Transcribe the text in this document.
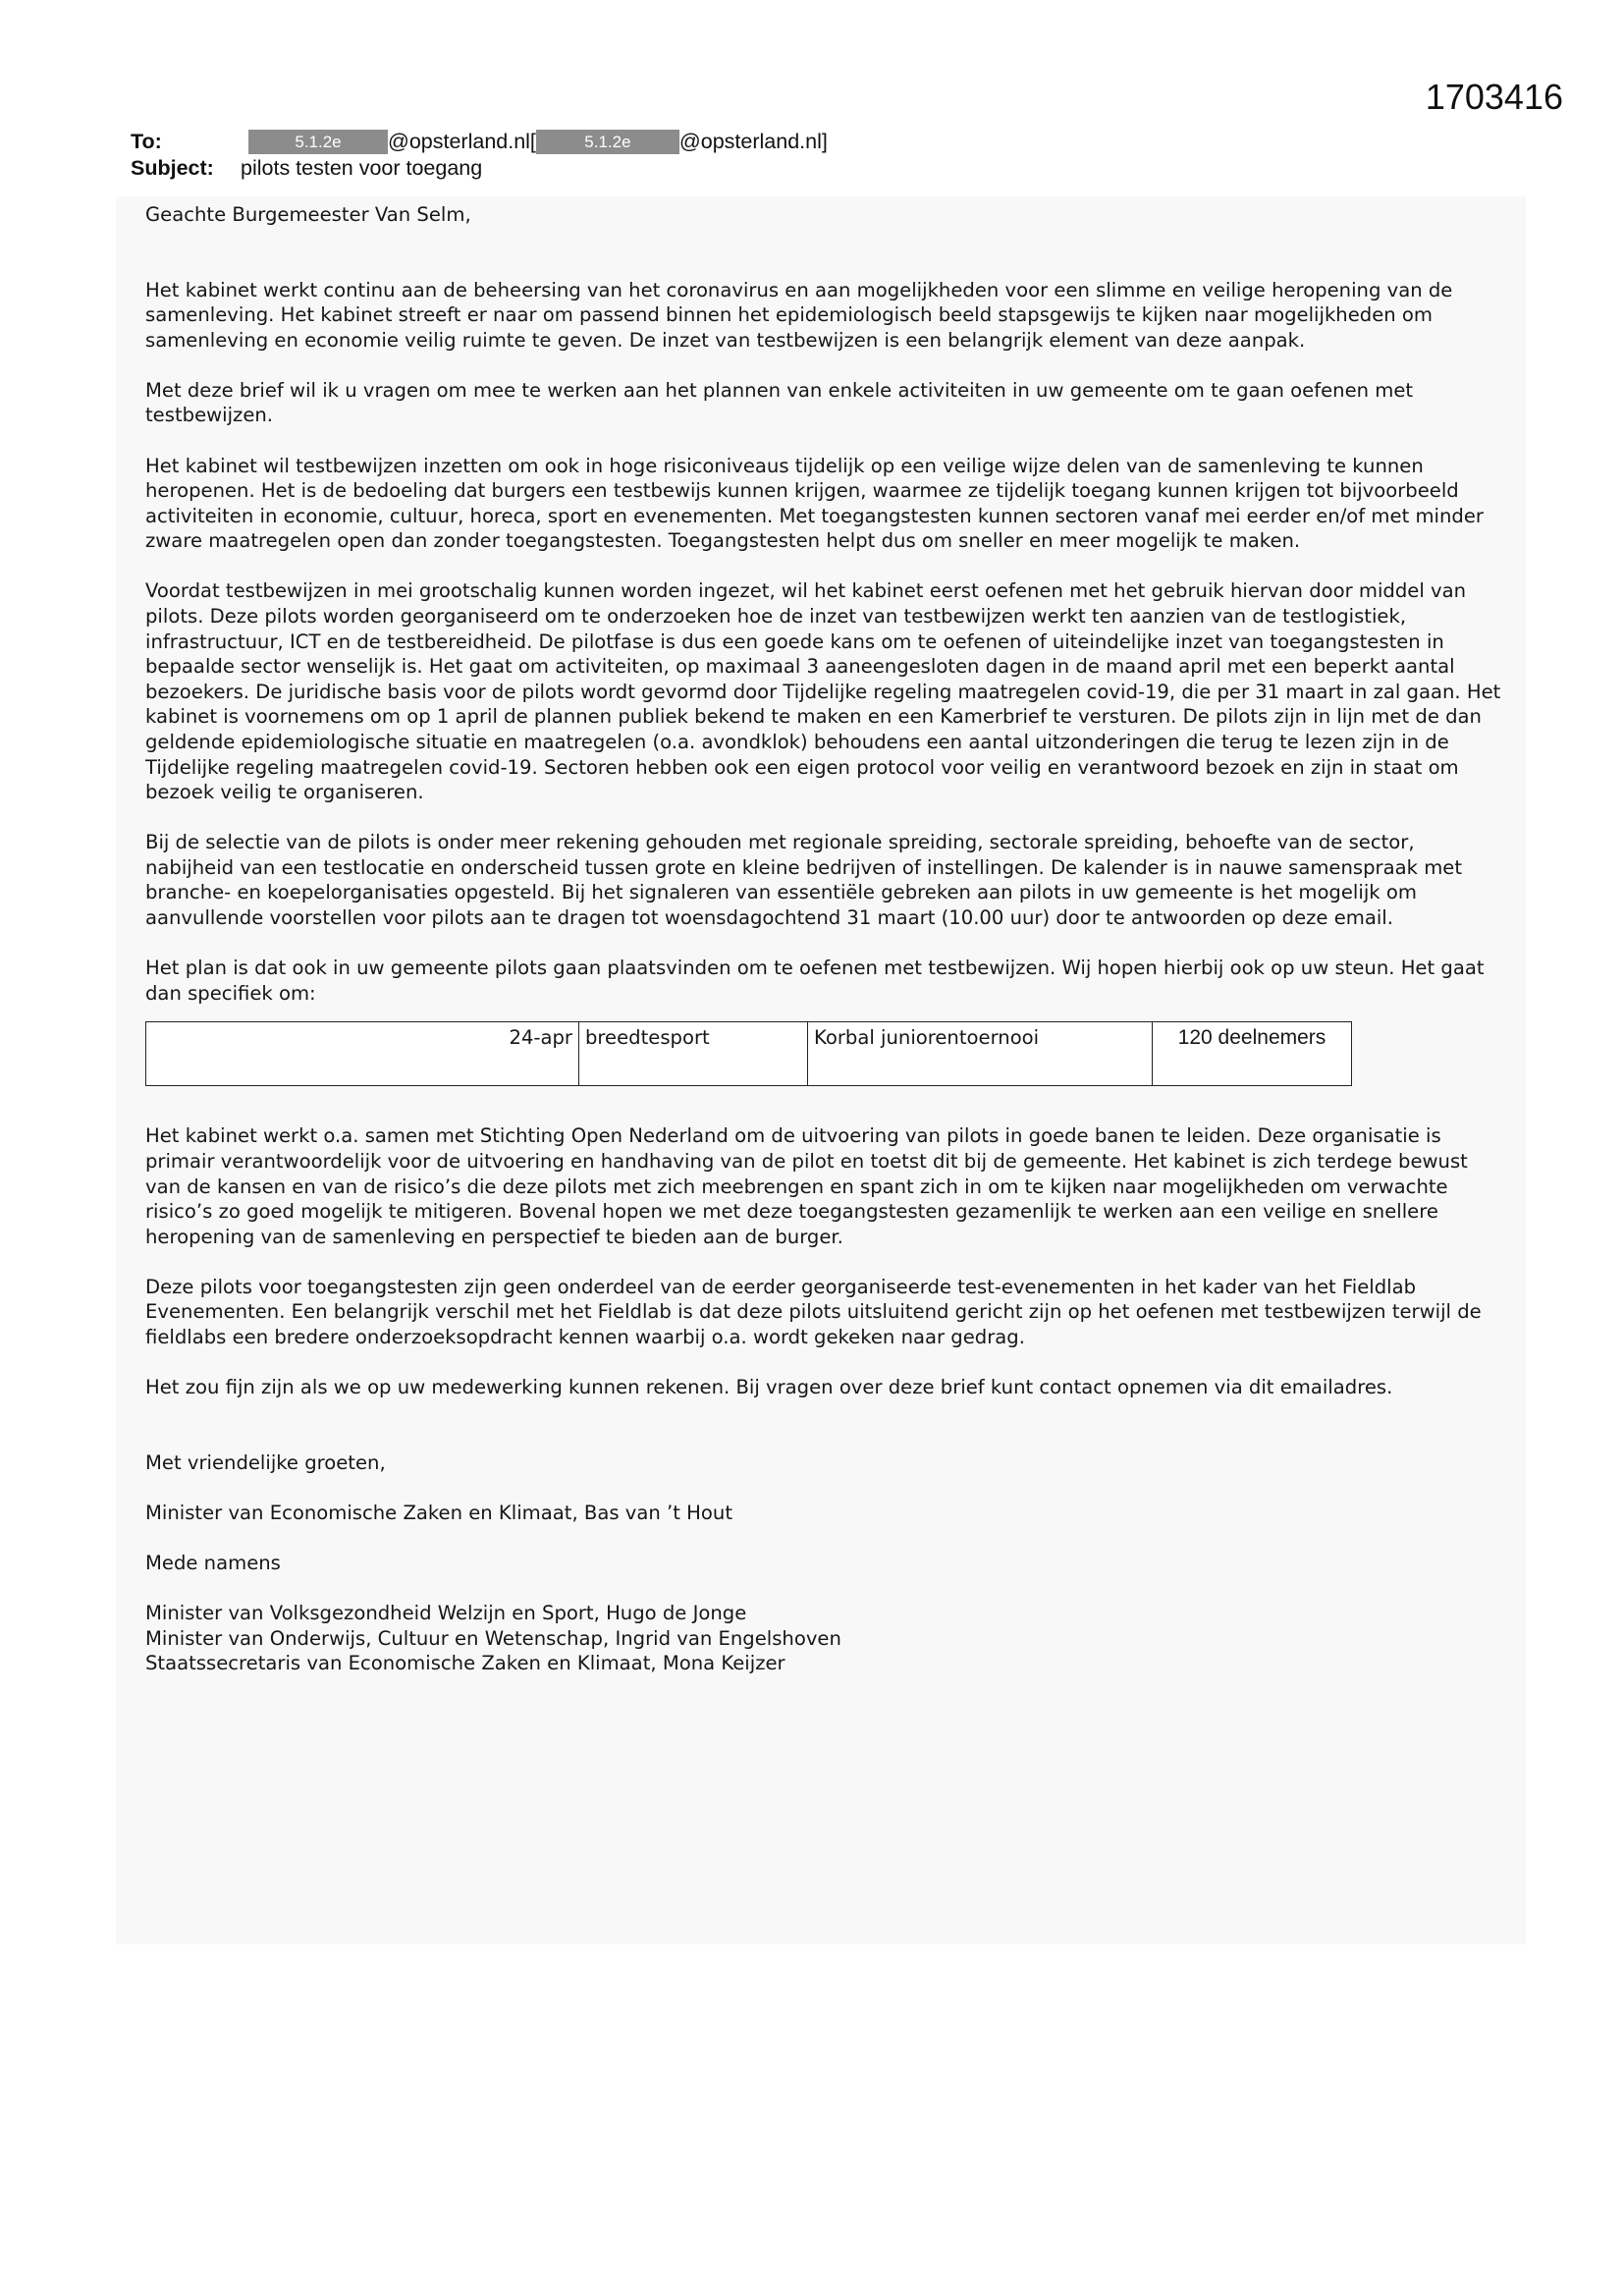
1703416
To:	5.1.2e	@opsterland.nl[	5.1.2e	@opsterland.nl]
Subject:	pilots testen voor toegang

Geachte Burgemeester Van Selm,

Het kabinet werkt continu aan de beheersing van het coronavirus en aan mogelijkheden voor een slimme en veilige heropening van de samenleving. Het kabinet streeft er naar om passend binnen het epidemiologisch beeld stapsgewijs te kijken naar mogelijkheden om samenleving en economie veilig ruimte te geven. De inzet van testbewijzen is een belangrijk element van deze aanpak.

Met deze brief wil ik u vragen om mee te werken aan het plannen van enkele activiteiten in uw gemeente om te gaan oefenen met testbewijzen.

Het kabinet wil testbewijzen inzetten om ook in hoge risiconiveaus tijdelijk op een veilige wijze delen van de samenleving te kunnen heropenen. Het is de bedoeling dat burgers een testbewijs kunnen krijgen, waarmee ze tijdelijk toegang kunnen krijgen tot bijvoorbeeld activiteiten in economie, cultuur, horeca, sport en evenementen. Met toegangstesten kunnen sectoren vanaf mei eerder en/of met minder zware maatregelen open dan zonder toegangstesten. Toegangstesten helpt dus om sneller en meer mogelijk te maken.

Voordat testbewijzen in mei grootschalig kunnen worden ingezet, wil het kabinet eerst oefenen met het gebruik hiervan door middel van pilots. Deze pilots worden georganiseerd om te onderzoeken hoe de inzet van testbewijzen werkt ten aanzien van de testlogistiek, infrastructuur, ICT en de testbereidheid. De pilotfase is dus een goede kans om te oefenen of uiteindelijke inzet van toegangstesten in bepaalde sector wenselijk is. Het gaat om activiteiten, op maximaal 3 aaneengesloten dagen in de maand april met een beperkt aantal bezoekers. De juridische basis voor de pilots wordt gevormd door Tijdelijke regeling maatregelen covid-19, die per 31 maart in zal gaan. Het kabinet is voornemens om op 1 april de plannen publiek bekend te maken en een Kamerbrief te versturen. De pilots zijn in lijn met de dan geldende epidemiologische situatie en maatregelen (o.a. avondklok) behoudens een aantal uitzonderingen die terug te lezen zijn in de Tijdelijke regeling maatregelen covid-19. Sectoren hebben ook een eigen protocol voor veilig en verantwoord bezoek en zijn in staat om bezoek veilig te organiseren.

Bij de selectie van de pilots is onder meer rekening gehouden met regionale spreiding, sectorale spreiding, behoefte van de sector, nabijheid van een testlocatie en onderscheid tussen grote en kleine bedrijven of instellingen. De kalender is in nauwe samenspraak met branche- en koepelorganisaties opgesteld. Bij het signaleren van essentiële gebreken aan pilots in uw gemeente is het mogelijk om aanvullende voorstellen voor pilots aan te dragen tot woensdagochtend 31 maart (10.00 uur) door te antwoorden op deze email.

Het plan is dat ook in uw gemeente pilots gaan plaatsvinden om te oefenen met testbewijzen. Wij hopen hierbij ook op uw steun. Het gaat dan specifiek om:

24-apr	breedtesport	Korbal juniorentoernooi	120 deelnemers

Het kabinet werkt o.a. samen met Stichting Open Nederland om de uitvoering van pilots in goede banen te leiden. Deze organisatie is primair verantwoordelijk voor de uitvoering en handhaving van de pilot en toetst dit bij de gemeente. Het kabinet is zich terdege bewust van de kansen en van de risico’s die deze pilots met zich meebrengen en spant zich in om te kijken naar mogelijkheden om verwachte risico’s zo goed mogelijk te mitigeren. Bovenal hopen we met deze toegangstesten gezamenlijk te werken aan een veilige en snellere heropening van de samenleving en perspectief te bieden aan de burger.

Deze pilots voor toegangstesten zijn geen onderdeel van de eerder georganiseerde test-evenementen in het kader van het Fieldlab Evenementen. Een belangrijk verschil met het Fieldlab is dat deze pilots uitsluitend gericht zijn op het oefenen met testbewijzen terwijl de fieldlabs een bredere onderzoeksopdracht kennen waarbij o.a. wordt gekeken naar gedrag.

Het zou fijn zijn als we op uw medewerking kunnen rekenen. Bij vragen over deze brief kunt contact opnemen via dit emailadres.

Met vriendelijke groeten,

Minister van Economische Zaken en Klimaat, Bas van ’t Hout

Mede namens

Minister van Volksgezondheid Welzijn en Sport, Hugo de Jonge

Minister van Onderwijs, Cultuur en Wetenschap, Ingrid van Engelshoven

Staatssecretaris van Economische Zaken en Klimaat, Mona Keijzer
